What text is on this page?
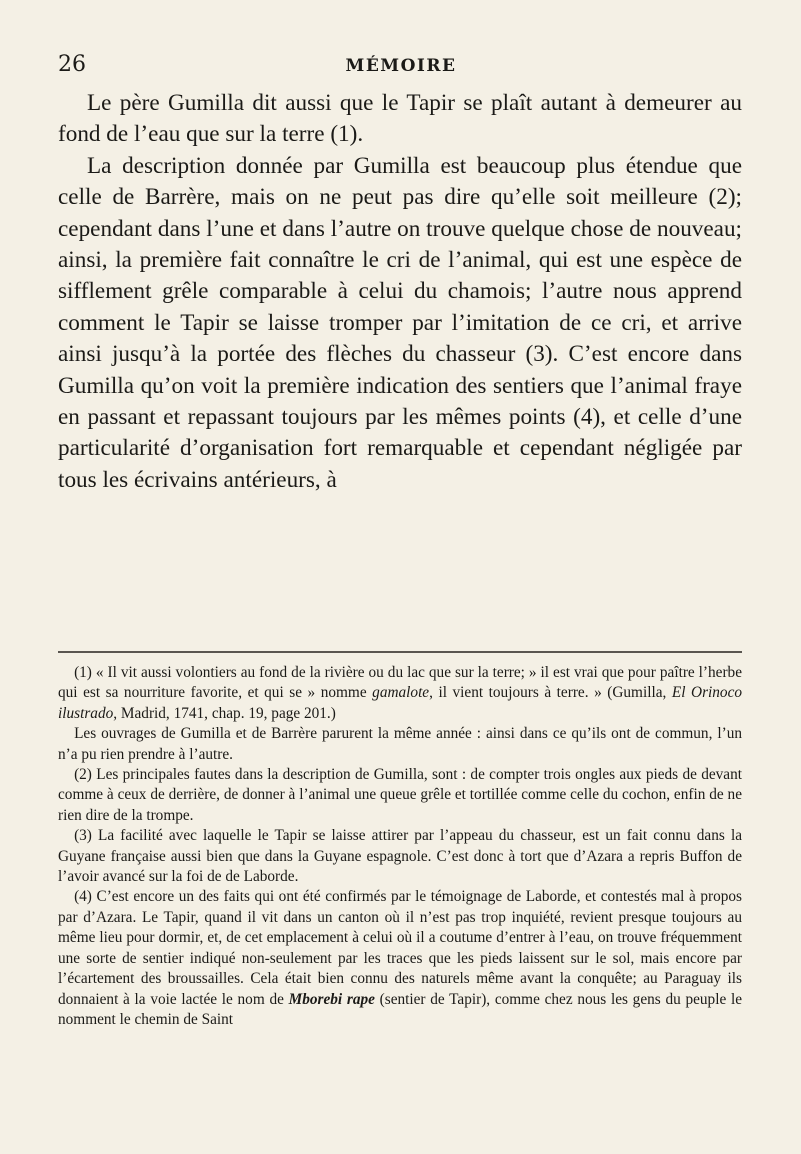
26	MÉMOIRE

Le père Gumilla dit aussi que le Tapir se plaît autant à demeurer au fond de l’eau que sur la terre (1).

La description donnée par Gumilla est beaucoup plus étendue que celle de Barrère, mais on ne peut pas dire qu’elle soit meilleure (2); cependant dans l’une et dans l’autre on trouve quelque chose de nouveau; ainsi, la première fait connaître le cri de l’animal, qui est une espèce de sifflement grêle comparable à celui du chamois; l’autre nous apprend comment le Tapir se laisse tromper par l’imitation de ce cri, et arrive ainsi jusqu’à la portée des flèches du chasseur (3). C’est encore dans Gumilla qu’on voit la première indication des sentiers que l’animal fraye en passant et repassant toujours par les mêmes points (4), et celle d’une particularité d’organisation fort remarquable et cependant négligée par tous les écrivains antérieurs, à

(1) « Il vit aussi volontiers au fond de la rivière ou du lac que sur la terre; » il est vrai que pour paître l’herbe qui est sa nourriture favorite, et qui se » nomme gamalote, il vient toujours à terre. » (Gumilla, El Orinoco ilustrado, Madrid, 1741, chap. 19, page 201.)

Les ouvrages de Gumilla et de Barrère parurent la même année : ainsi dans ce qu’ils ont de commun, l’un n’a pu rien prendre à l’autre.

(2) Les principales fautes dans la description de Gumilla, sont : de compter trois ongles aux pieds de devant comme à ceux de derrière, de donner à l’animal une queue grêle et tortillée comme celle du cochon, enfin de ne rien dire de la trompe.

(3) La facilité avec laquelle le Tapir se laisse attirer par l’appeau du chasseur, est un fait connu dans la Guyane française aussi bien que dans la Guyane espagnole. C’est donc à tort que d’Azara a repris Buffon de l’avoir avancé sur la foi de de Laborde.

(4) C’est encore un des faits qui ont été confirmés par le témoignage de Laborde, et contestés mal à propos par d’Azara. Le Tapir, quand il vit dans un canton où il n’est pas trop inquiété, revient presque toujours au même lieu pour dormir, et, de cet emplacement à celui où il a coutume d’entrer à l’eau, on trouve fréquemment une sorte de sentier indiqué non-seulement par les traces que les pieds laissent sur le sol, mais encore par l’écartement des broussailles. Cela était bien connu des naturels même avant la conquête; au Paraguay ils donnaient à la voie lactée le nom de Mborebi rape (sentier de Tapir), comme chez nous les gens du peuple le nomment le chemin de Saint
